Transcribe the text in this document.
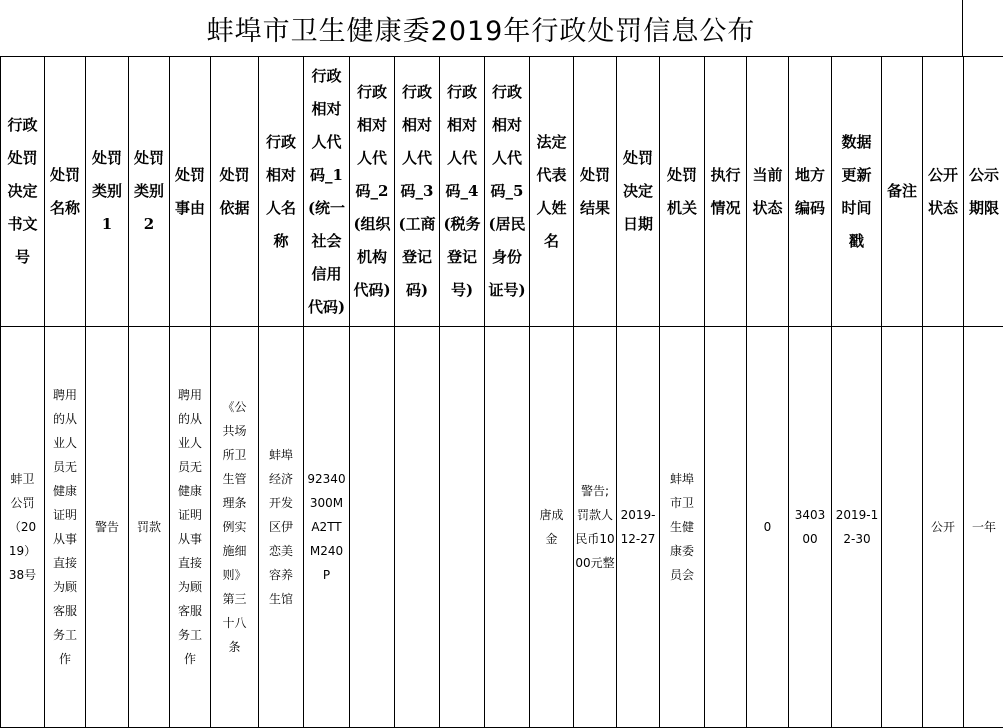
蚌埠市卫生健康委2019年行政处罚信息公布
行政处罚决定书文号	处罚名称	处罚类别1	处罚类别2	处罚事由	处罚依据	行政相对人名称	行政相对人代码_1(统一社会信用代码)	行政相对人代码_2(组织机构代码)	行政相对人代码_3(工商登记码)	行政相对人代码_4(税务登记号)	行政相对人代码_5(居民身份证号)	法定代表人姓名	处罚结果	处罚决定日期	处罚机关	执行情况	当前状态	地方编码	数据更新时间戳	备注	公开状态	公示期限
蚌卫公罚（2019）38号	聘用的从业人员无健康证明从事直接为顾客服务工作	警告	罚款	聘用的从业人员无健康证明从事直接为顾客服务工作	《公共场所卫生管理条例实施细则》第三十八条	蚌埠经济开发区伊恋美容养生馆	92340300MA2TTM240P					唐成金	警告;罚款人民币1000元整	2019-12-27	蚌埠市卫生健康委员会		0	340300	2019-12-30		公开	一年
